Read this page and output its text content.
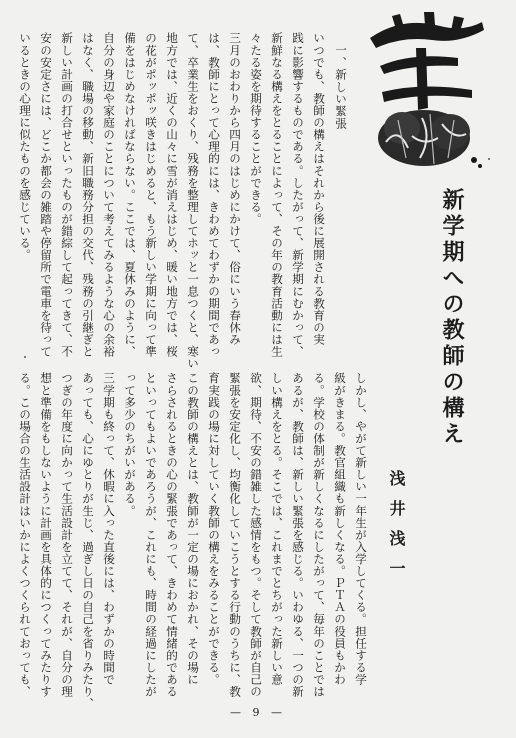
新学期への教師の構え
浅井浅一
一、新しい緊張
いつでも、教師の構えはそれから後に展開される教育の実
践に影響するものである。したがって、新学期にむかって、
新鮮なる構えをとることによって、その年の教育活動には生
々たる姿を期待することができる。
三月のおわりから四月のはじめにかけて、俗にいう春休み
は、教師にとって心理的には、きわめてわずかの期間であっ
て、卒業生をおくり、残務を整理してホッと一息つくと、寒い
地方では、近くの山々に雪が消えはじめ、暖い地方では、桜
の花がポッポッ咲きはじめると、もう新しい学期に向って準
備をはじめなければならない。ここでは、夏休みのように、
自分の身辺や家庭のことについて考えてみるような心の余裕
はなく、職場の移動、新旧職務分担の交代、残務の引継ぎと
新しい計画の打合せといったものが錯綜して起ってきて、不
安の安定さには、どこか都会の雑踏や停留所で電車を待って
いるときの心理に似たものを感じている。
しかし、やがて新しい一年生が入学してくる。担任する学
級がきまる。教官組織も新しくなる。ＰＴＡの役員もかわ
る。学校の体制が新しくなるにしたがって、毎年のことでは
あるが、教師は、新しい緊張を感じる。いわゆる、一つの新
しい構えをとる。そこでは、これまでとちがった新しい意
欲、期待、不安の錯雑した感情をもつ。そして教師が自己の
緊張を安定化し、均衡化していこうとする行動のうちに、教
育実践の場に対していく教師の構えをみることができる。
この教師の構えとは、教師が一定の場におかれ、その場に
さらされるときの心の緊張であって、きわめて情緒的である
といってもよいであろうが、これにも、時間の経過にしたが
って多少のちがいがある。
三学期も終って、休暇に入った直後には、わずかの時間で
あっても、心にゆとりが生じ、過ぎし日の自己を省りみたり、
つぎの年度に向かって生活設計を立てて、それが、自分の理
想と準備をもしないように計画を具体的につくってみたりす
る。この場合の生活設計はいかによくつくられておっても、
— 9 —
